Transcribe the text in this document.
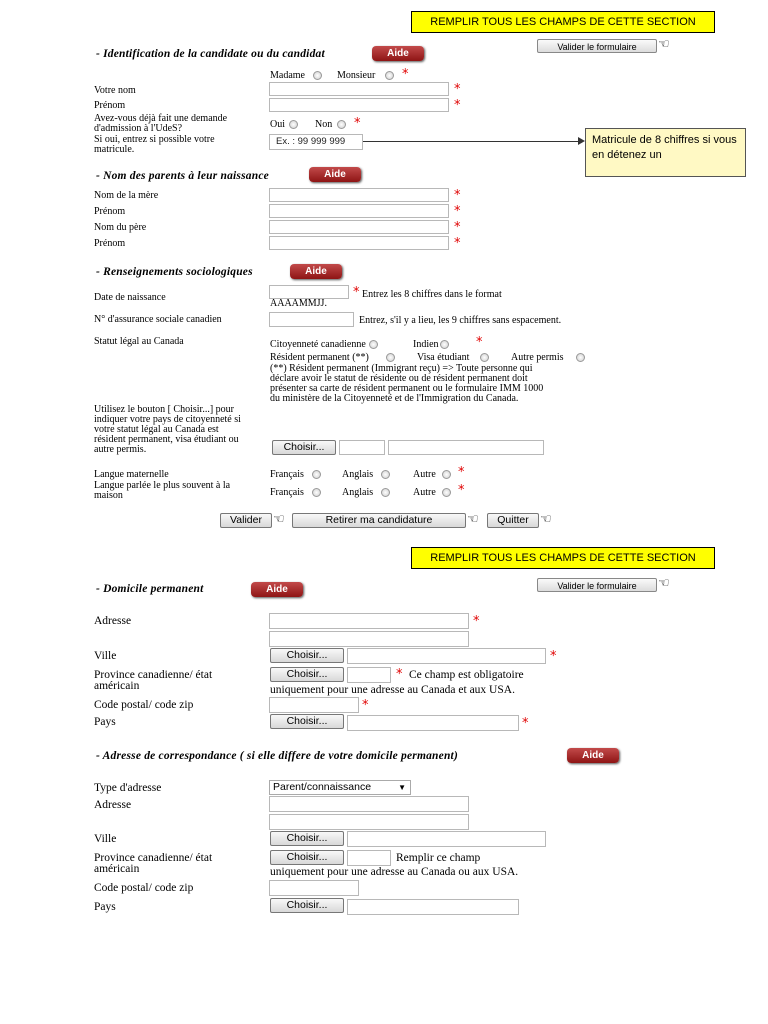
REMPLIR TOUS LES CHAMPS DE CETTE SECTION
Valider le formulaire	☜
- Identification de la candidate ou du candidat	Aide
Madame	Monsieur *
Votre nom	*
Prénom	*
Avez-vous déjà fait une demande
d'admission à l'UdeS?	Oui	Non *
Si oui, entrez si possible votre
matricule.
Ex. : 99 999 999	Matricule de 8 chiffres si vous en détenez un
- Nom des parents à leur naissance	Aide
Nom de la mère	*
Prénom	*
Nom du père	*
Prénom	*
- Renseignements sociologiques	Aide
Date de naissance	* Entrez les 8 chiffres dans le format
AAAAMMJJ.
N° d'assurance sociale canadien	Entrez, s'il y a lieu, les 9 chiffres sans espacement.
Statut légal au Canada	Citoyenneté canadienne	Indien	*
Résident permanent (**)	Visa étudiant	Autre permis
(**) Résident permanent (Immigrant reçu) => Toute personne qui
déclare avoir le statut de résidente ou de résident permanent doit
présenter sa carte de résident permanent ou le formulaire IMM 1000
du ministère de la Citoyenneté et de l'Immigration du Canada.
Utilisez le bouton [ Choisir...] pour
indiquer votre pays de citoyenneté si
votre statut légal au Canada est
résident permanent, visa étudiant ou
autre permis.	Choisir...
Langue maternelle	Français	Anglais	Autre *
Langue parlée le plus souvent à la
maison	Français	Anglais	Autre *
Valider ☜	Retirer ma candidature	☜	Quitter ☜
REMPLIR TOUS LES CHAMPS DE CETTE SECTION
Valider le formulaire	☜
- Domicile permanent	Aide
Adresse	*
Ville	Choisir...	*
Province canadienne/ état
américain
Choisir...	* Ce champ est obligatoire
uniquement pour une adresse au Canada et aux USA.
Code postal/ code zip	*
Pays	Choisir...	*
- Adresse de correspondance ( si elle differe de votre domicile permanent)	Aide
Type d'adresse	Parent/connaissance	▼
Adresse
Ville	Choisir...
Province canadienne/ état
américain
Choisir...	Remplir ce champ
uniquement pour une adresse au Canada ou aux USA.
Code postal/ code zip
Pays	Choisir...
